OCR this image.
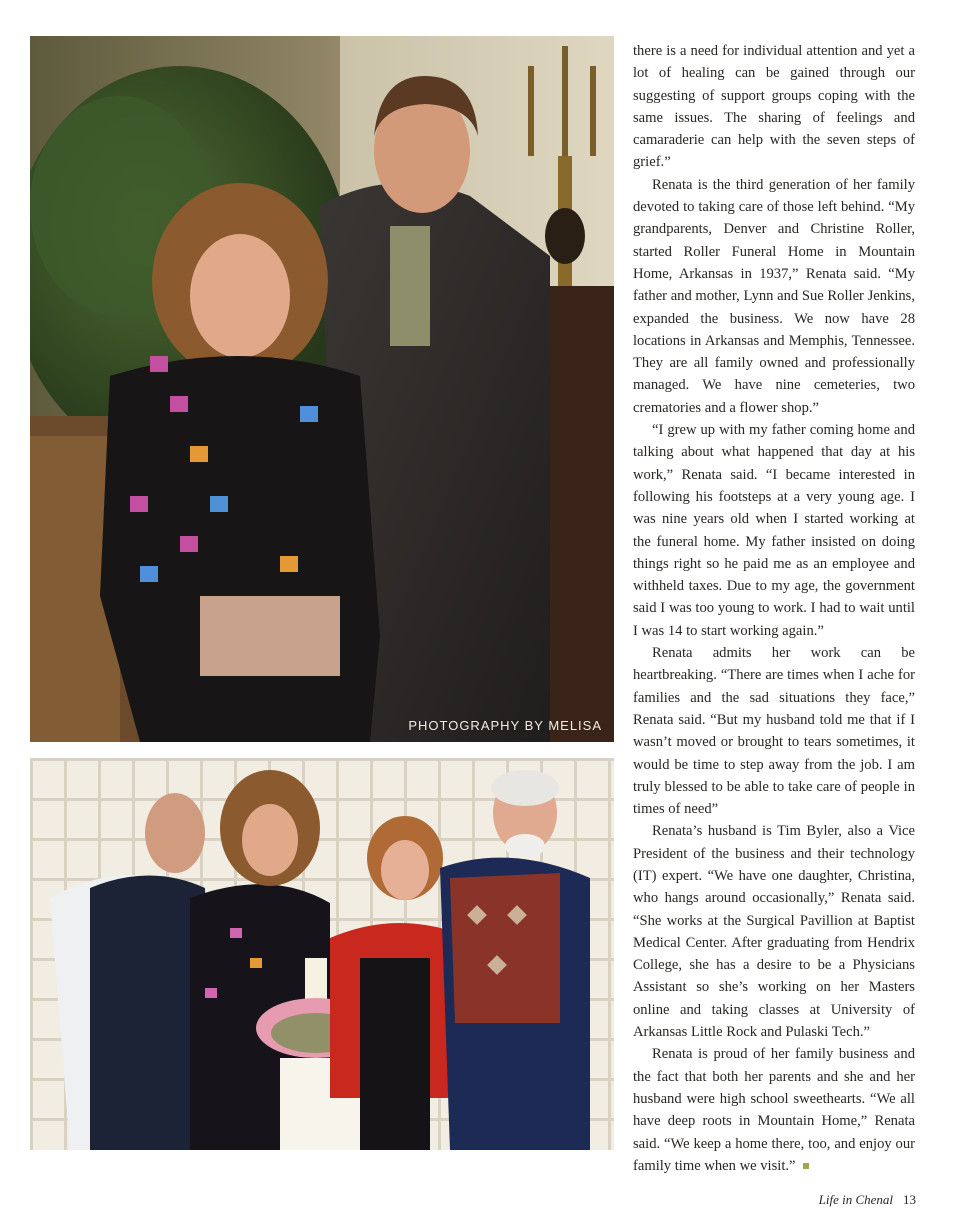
PHOTOGRAPHY BY MELISA

there is a need for individual attention and yet a lot of healing can be gained through our suggesting of support groups coping with the same issues. The sharing of feelings and camaraderie can help with the seven steps of grief.”

Renata is the third generation of her family devoted to taking care of those left behind. “My grandparents, Denver and Christine Roller, started Roller Funeral Home in Mountain Home, Arkansas in 1937,” Renata said. “My father and mother, Lynn and Sue Roller Jenkins, expanded the business. We now have 28 locations in Arkansas and Memphis, Tennessee. They are all family owned and professionally managed. We have nine cemeteries, two crematories and a flower shop.”

“I grew up with my father coming home and talking about what happened that day at his work,” Renata said. “I became interested in following his footsteps at a very young age. I was nine years old when I started working at the funeral home. My father insisted on doing things right so he paid me as an employee and withheld taxes. Due to my age, the government said I was too young to work. I had to wait until I was 14 to start working again.”

Renata admits her work can be heartbreaking. “There are times when I ache for families and the sad situations they face,” Renata said. “But my husband told me that if I wasn’t moved or brought to tears sometimes, it would be time to step away from the job. I am truly blessed to be able to take care of people in times of need”

Renata’s husband is Tim Byler, also a Vice President of the business and their technology (IT) expert. “We have one daughter, Christina, who hangs around occasionally,” Renata said. “She works at the Surgical Pavillion at Baptist Medical Center. After graduating from Hendrix College, she has a desire to be a Physicians Assistant so she’s working on her Masters online and taking classes at University of Arkansas Little Rock and Pulaski Tech.”

Renata is proud of her family business and the fact that both her parents and she and her husband were high school sweethearts. “We all have deep roots in Mountain Home,” Renata said. “We keep a home there, too, and enjoy our family time when we visit.”

Life in Chenal 13
